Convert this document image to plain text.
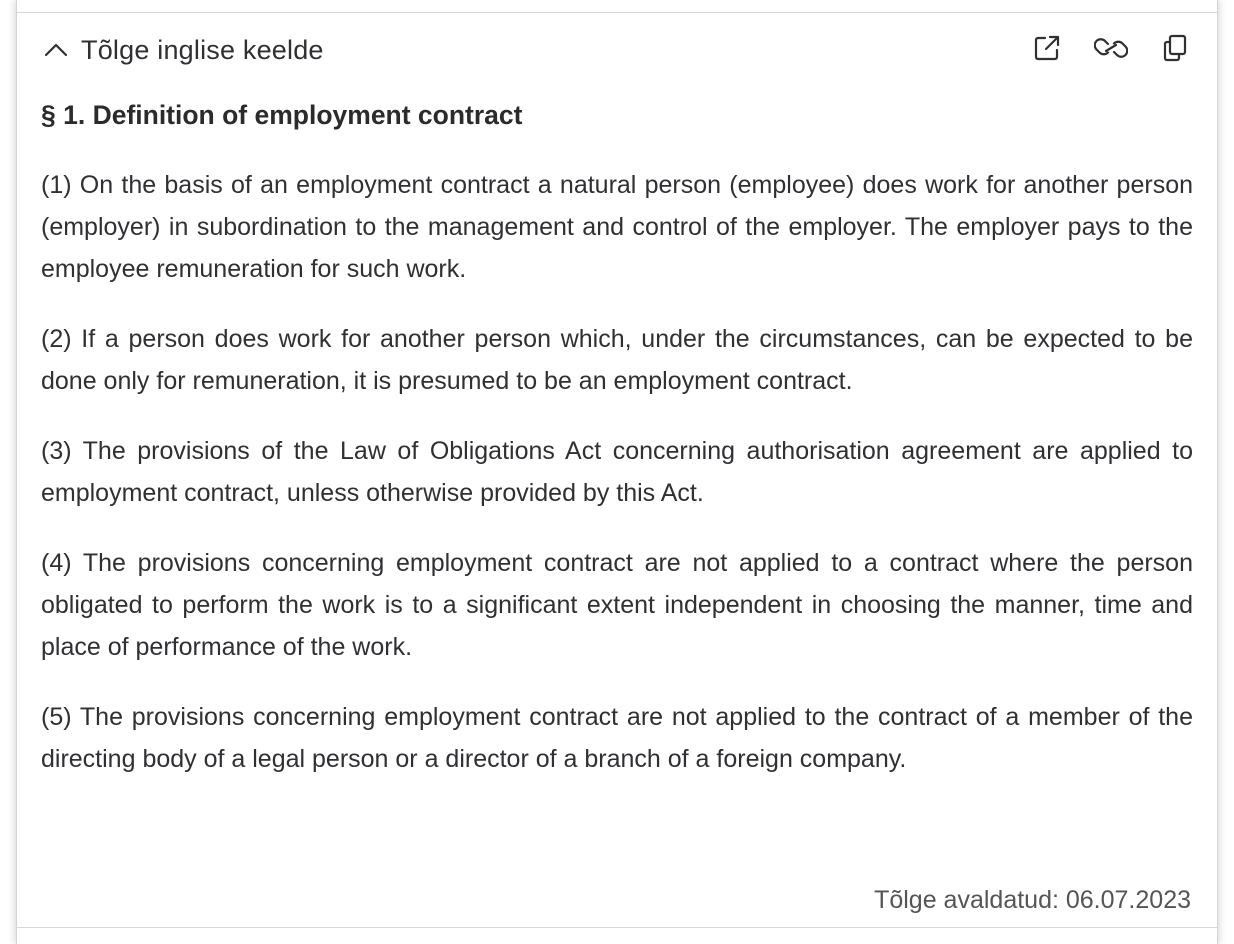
Tõlge inglise keelde
§ 1. Definition of employment contract

(1) On the basis of an employment contract a natural person (employee) does work for another person (employer) in subordination to the management and control of the employer. The employer pays to the employee remuneration for such work.

(2) If a person does work for another person which, under the circumstances, can be expected to be done only for remuneration, it is presumed to be an employment contract.

(3) The provisions of the Law of Obligations Act concerning authorisation agreement are applied to employment contract, unless otherwise provided by this Act.

(4) The provisions concerning employment contract are not applied to a contract where the person obligated to perform the work is to a significant extent independent in choosing the manner, time and place of performance of the work.

(5) The provisions concerning employment contract are not applied to the contract of a member of the directing body of a legal person or a director of a branch of a foreign company.

Tõlge avaldatud: 06.07.2023
